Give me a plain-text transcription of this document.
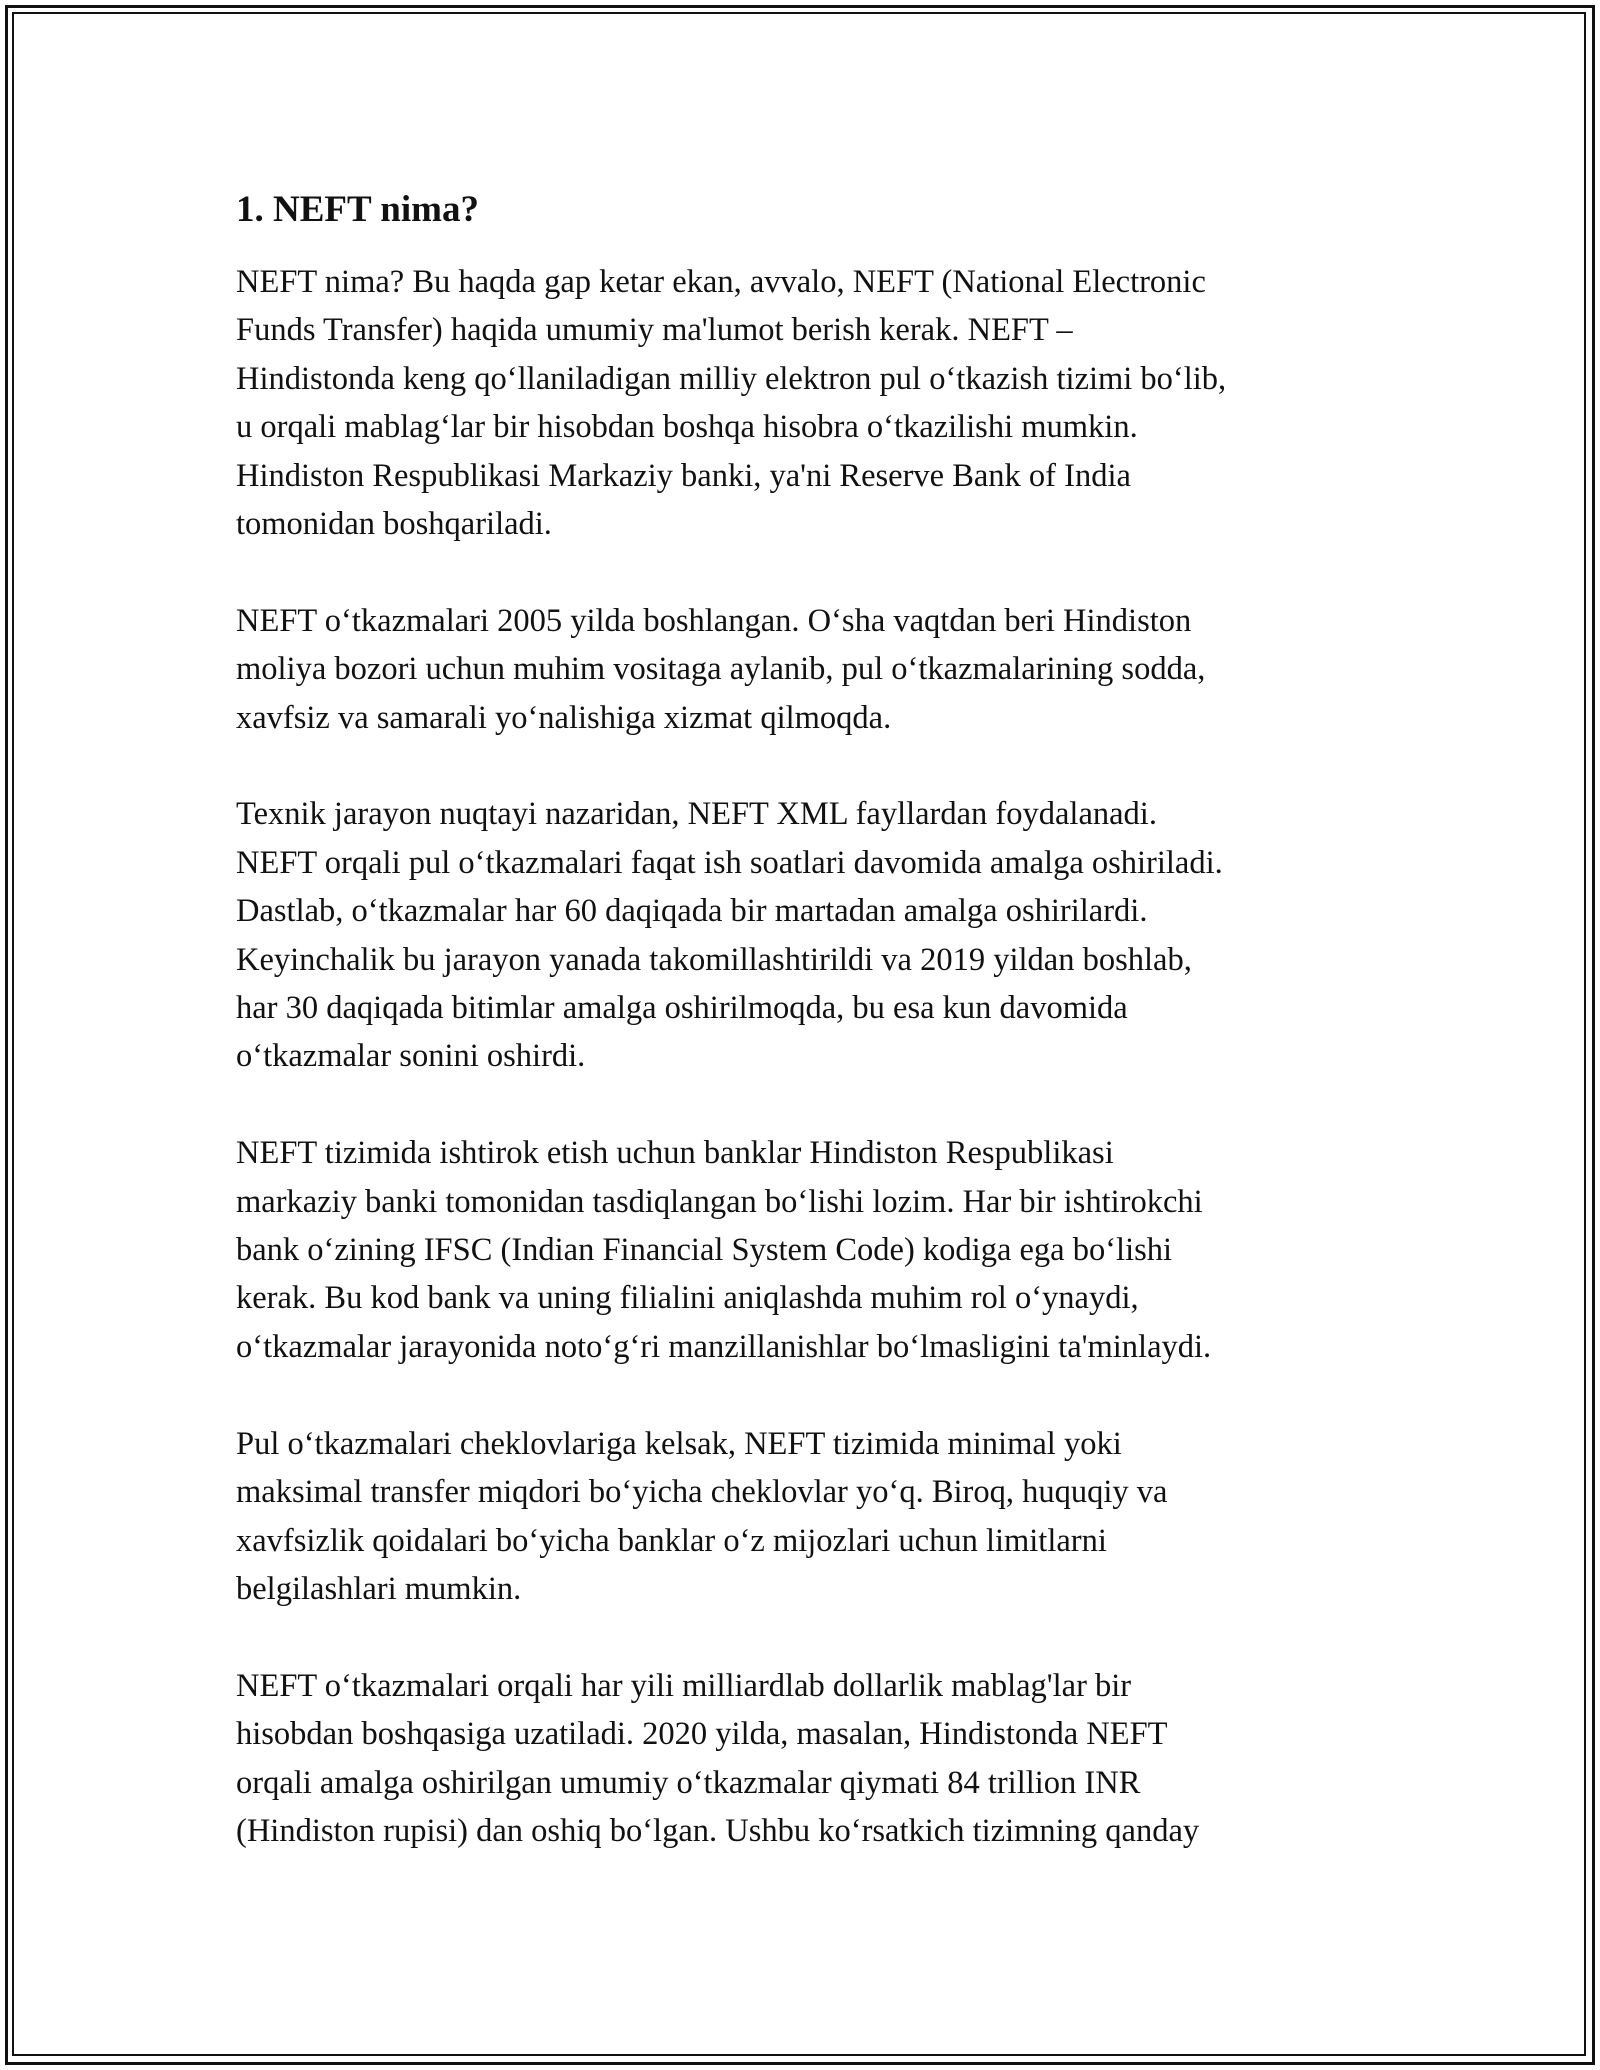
1. NEFT nima?

NEFT nima? Bu haqda gap ketar ekan, avvalo, NEFT (National Electronic
Funds Transfer) haqida umumiy ma'lumot berish kerak. NEFT –
Hindistonda keng qo‘llaniladigan milliy elektron pul o‘tkazish tizimi bo‘lib,
u orqali mablag‘lar bir hisobdan boshqa hisobra o‘tkazilishi mumkin.
Hindiston Respublikasi Markaziy banki, ya'ni Reserve Bank of India
tomonidan boshqariladi.

NEFT o‘tkazmalari 2005 yilda boshlangan. O‘sha vaqtdan beri Hindiston
moliya bozori uchun muhim vositaga aylanib, pul o‘tkazmalarining sodda,
xavfsiz va samarali yo‘nalishiga xizmat qilmoqda.

Texnik jarayon nuqtayi nazaridan, NEFT XML fayllardan foydalanadi.
NEFT orqali pul o‘tkazmalari faqat ish soatlari davomida amalga oshiriladi.
Dastlab, o‘tkazmalar har 60 daqiqada bir martadan amalga oshirilardi.
Keyinchalik bu jarayon yanada takomillashtirildi va 2019 yildan boshlab,
har 30 daqiqada bitimlar amalga oshirilmoqda, bu esa kun davomida
o‘tkazmalar sonini oshirdi.

NEFT tizimida ishtirok etish uchun banklar Hindiston Respublikasi
markaziy banki tomonidan tasdiqlangan bo‘lishi lozim. Har bir ishtirokchi
bank o‘zining IFSC (Indian Financial System Code) kodiga ega bo‘lishi
kerak. Bu kod bank va uning filialini aniqlashda muhim rol o‘ynaydi,
o‘tkazmalar jarayonida noto‘g‘ri manzillanishlar bo‘lmasligini ta'minlaydi.

Pul o‘tkazmalari cheklovlariga kelsak, NEFT tizimida minimal yoki
maksimal transfer miqdori bo‘yicha cheklovlar yo‘q. Biroq, huquqiy va
xavfsizlik qoidalari bo‘yicha banklar o‘z mijozlari uchun limitlarni
belgilashlari mumkin.

NEFT o‘tkazmalari orqali har yili milliardlab dollarlik mablag'lar bir
hisobdan boshqasiga uzatiladi. 2020 yilda, masalan, Hindistonda NEFT
orqali amalga oshirilgan umumiy o‘tkazmalar qiymati 84 trillion INR
(Hindiston rupisi) dan oshiq bo‘lgan. Ushbu ko‘rsatkich tizimning qanday
